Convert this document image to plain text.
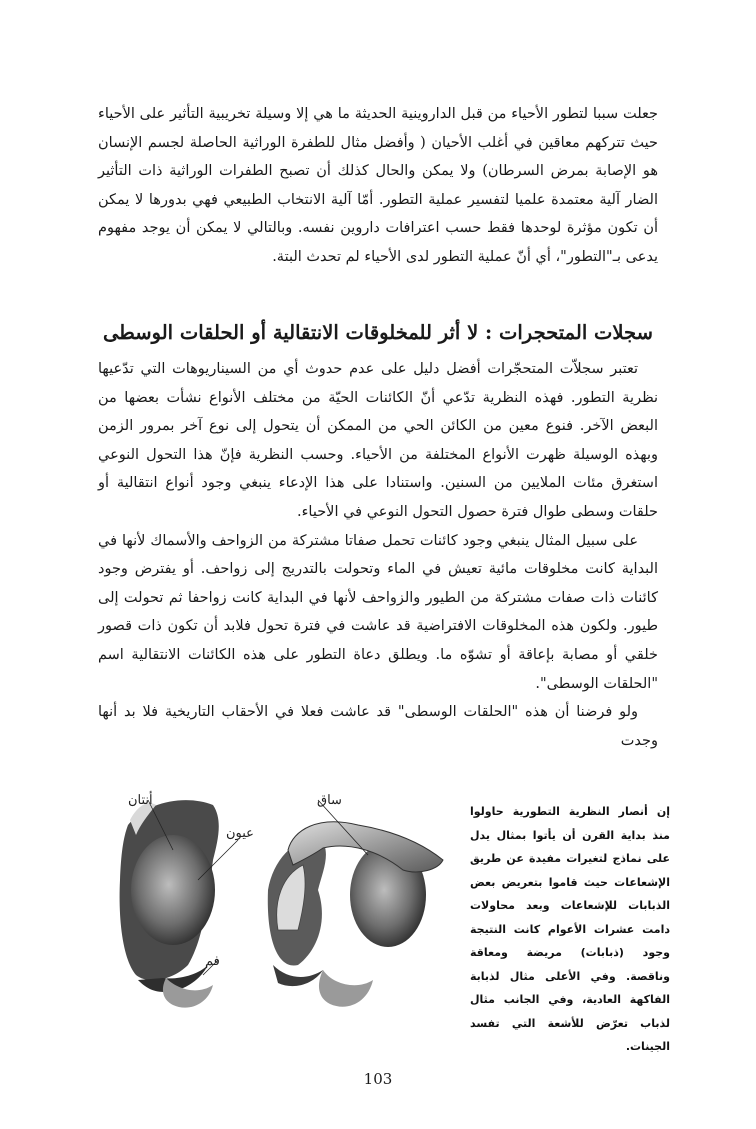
جعلت سببا لتطور الأحياء من قبل الداروينية الحديثة ما هي إلا وسيلة تخريبية التأثير على الأحياء حيث تتركهم معاقين في أغلب الأحيان ( وأفضل مثال للطفرة الوراثية الحاصلة لجسم الإنسان هو الإصابة بمرض السرطان) ولا يمكن والحال كذلك أن تصبح الطفرات الوراثية ذات التأثير الضار آلية معتمدة علميا لتفسير عملية التطور. أمّا آلية الانتخاب الطبيعي فهي بدورها لا يمكن أن تكون مؤثرة لوحدها فقط حسب اعترافات داروين نفسه. وبالتالي لا يمكن أن يوجد مفهوم يدعى بـ"التطور"، أي أنّ عملية التطور لدى الأحياء لم تحدث البتة.

سجلات المتحجرات : لا أثر للمخلوقات الانتقالية أو الحلقات الوسطى

تعتبر سجلاّت المتحجّرات أفضل دليل على عدم حدوث أي من السيناريوهات التي تدّعيها نظرية التطور. فهذه النظرية تدّعي أنّ الكائنات الحيّة من مختلف الأنواع نشأت بعضها من البعض الآخر. فنوع معين من الكائن الحي من الممكن أن يتحول إلى نوع آخر بمرور الزمن وبهذه الوسيلة ظهرت الأنواع المختلفة من الأحياء. وحسب النظرية فإنّ هذا التحول النوعي استغرق مئات الملايين من السنين. واستنادا على هذا الإدعاء ينبغي وجود أنواع انتقالية أو حلقات وسطى طوال فترة حصول التحول النوعي في الأحياء.

على سبيل المثال ينبغي وجود كائنات تحمل صفاتا مشتركة من الزواحف والأسماك لأنها في البداية كانت مخلوقات مائية تعيش في الماء وتحولت بالتدريج إلى زواحف. أو يفترض وجود كائنات ذات صفات مشتركة من الطيور والزواحف لأنها في البداية كانت زواحفا ثم تحولت إلى طيور. ولكون هذه المخلوقات الافتراضية قد عاشت في فترة تحول فلابد أن تكون ذات قصور خلقي أو مصابة بإعاقة أو تشوّه ما. ويطلق دعاة التطور على هذه الكائنات الانتقالية اسم "الحلقات الوسطى".

ولو فرضنا أن هذه "الحلقات الوسطى" قد عاشت فعلا في الأحقاب التاريخية فلا بد أنها وجدت

أنتان
عيون
ساق
فم

إن أنصار النظرية التطورية حاولوا منذ بداية القرن أن يأتوا بمثال يدل على نماذج لتغيرات مفيدة عن طريق الإشعاعات حيث قاموا بتعريض بعض الذبابات للإشعاعات وبعد محاولات دامت عشرات الأعوام كانت النتيجة وجود (ذبابات) مريضة ومعاقة وناقصة. وفي الأعلى مثال لذبابة الفاكهة العادية، وفي الجانب مثال لذباب تعرّض للأشعة التي تفسد الجينات.

103
